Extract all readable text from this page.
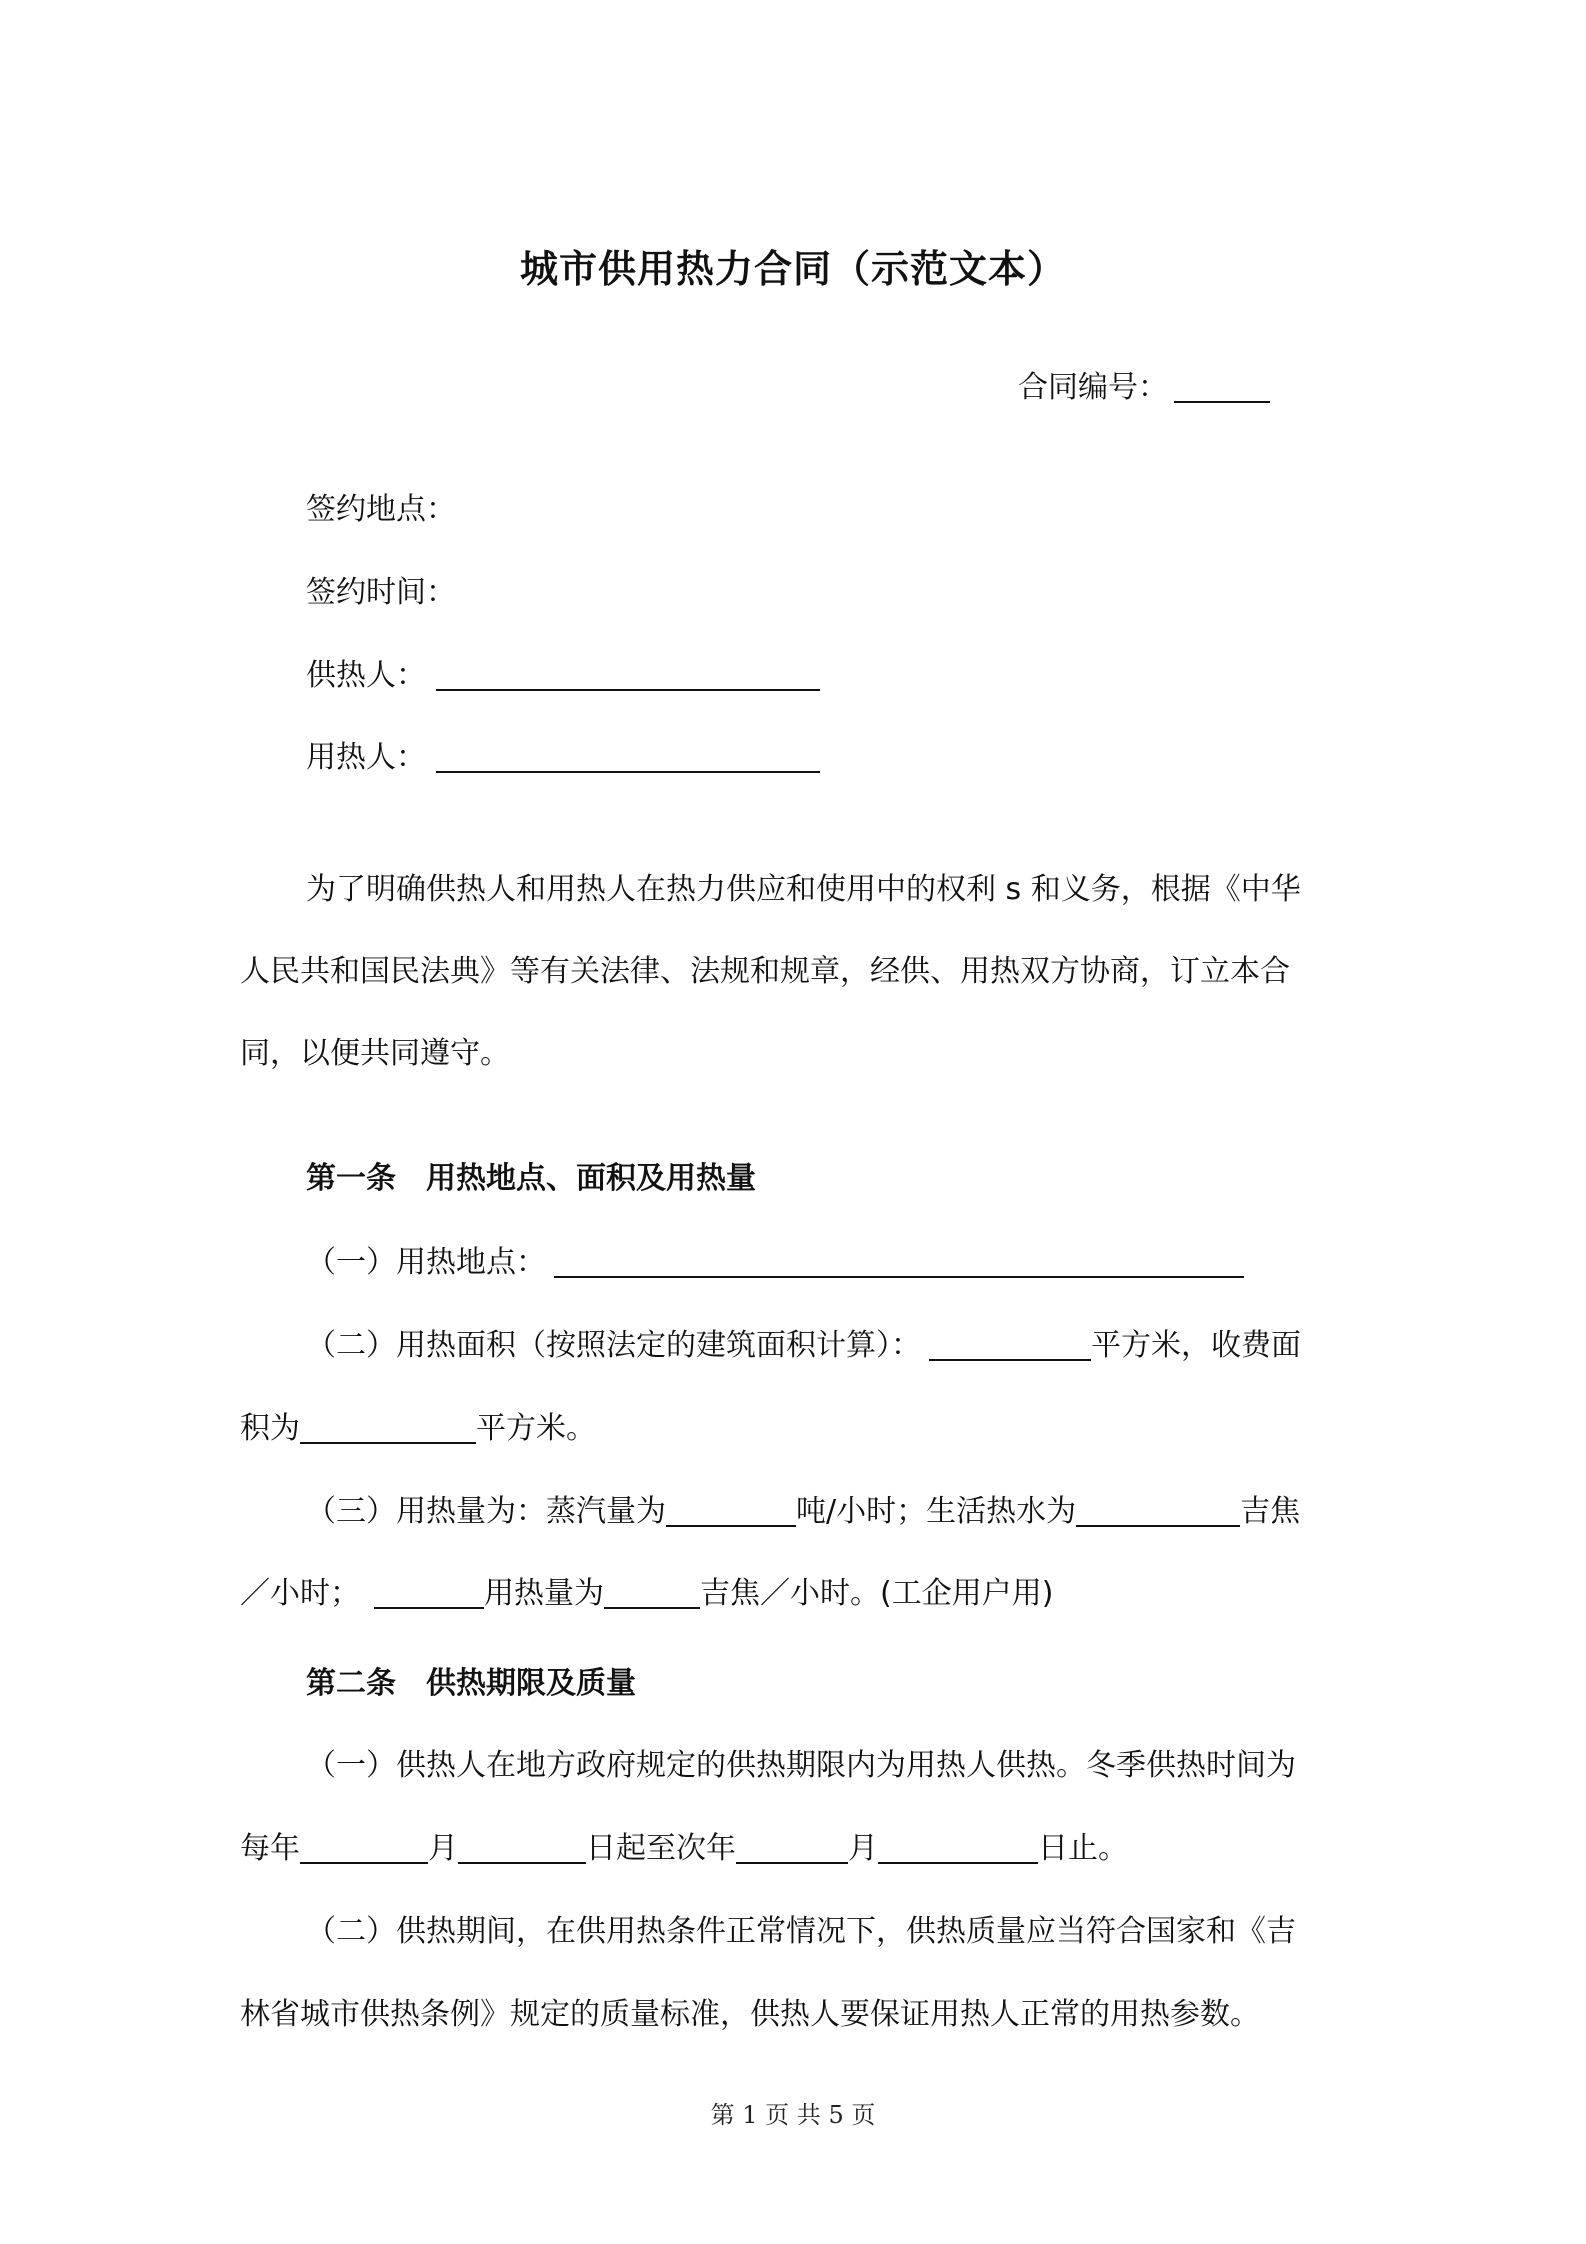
城市供用热力合同（示范文本）
合同编号：
签约地点：
签约时间：
供热人：
用热人：
为了明确供热人和用热人在热力供应和使用中的权利 s 和义务，根据《中华
人民共和国民法典》等有关法律、法规和规章，经供、用热双方协商，订立本合
同，以便共同遵守。
第一条　用热地点、面积及用热量
（一）用热地点：
（二）用热面积（按照法定的建筑面积计算）：	平方米，收费面
积为	平方米。
（三）用热量为：蒸汽量为	吨/小时；生活热水为	吉焦
／小时；	用热量为	吉焦／小时。(工企用户用)
第二条　供热期限及质量
（一）供热人在地方政府规定的供热期限内为用热人供热。冬季供热时间为
每年	月	日起至次年	月	日止。
（二）供热期间，在供用热条件正常情况下，供热质量应当符合国家和《吉
林省城市供热条例》规定的质量标准，供热人要保证用热人正常的用热参数。
第 1 页 共 5 页
